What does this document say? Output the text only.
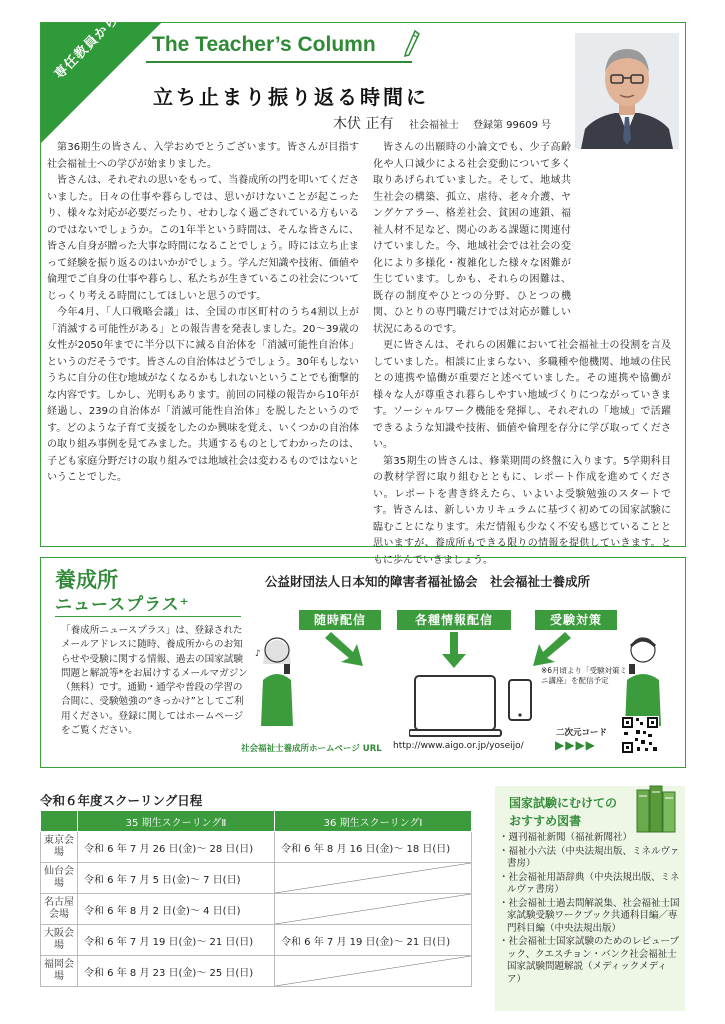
専任教員から The Teacher’s Column
立ち止まり振り返る時間に
木伏 正有 社会福祉士 登録第 99609 号

第36期生の皆さん、入学おめでとうございます。皆さんが目指す社会福祉士への学びが始まりました。

皆さんは、それぞれの思いをもって、当養成所の門を叩いてくださいました。日々の仕事や暮らしでは、思いがけないことが起こったり、様々な対応が必要だったり、せわしなく過ごされている方もいるのではないでしょうか。この1年半という時間は、そんな皆さんに、皆さん自身が贈った大事な時間になることでしょう。時には立ち止まって経験を振り返るのはいかがでしょう。学んだ知識や技術、価値や倫理でご自身の仕事や暮らし、私たちが生きているこの社会についてじっくり考える時間にしてほしいと思うのです。

今年4月、「人口戦略会議」は、全国の市区町村のうち4割以上が「消滅する可能性がある」との報告書を発表しました。20～39歳の女性が2050年までに半分以下に減る自治体を「消滅可能性自治体」というのだそうです。皆さんの自治体はどうでしょう。30年もしないうちに自分の住む地域がなくなるかもしれないということでも衝撃的な内容です。しかし、光明もあります。前回の同様の報告から10年が経過し、239の自治体が「消滅可能性自治体」を脱したというのです。どのような子育て支援をしたのか興味を覚え、いくつかの自治体の取り組み事例を見てみました。共通するものとしてわかったのは、子ども家庭分野だけの取り組みでは地域社会は変わるものではないということでした。

皆さんの出願時の小論文でも、少子高齢化や人口減少による社会変動について多く取りあげられていました。そして、地域共生社会の構築、孤立、虐待、老々介護、ヤングケアラー、格差社会、貧困の連鎖、福祉人材不足など、関心のある課題に関連付けていました。今、地域社会では社会の変化により多様化・複雑化した様々な困難が生じています。しかも、それらの困難は、既存の制度やひとつの分野、ひとつの機関、ひとりの専門職だけでは対応が難しい状況にあるのです。

更に皆さんは、それらの困難において社会福祉士の役割を言及していました。相談に止まらない、多職種や他機関、地域の住民との連携や協働が重要だと述べていました。その連携や協働が様々な人が尊重され暮らしやすい地域づくりにつながっていきます。ソーシャルワーク機能を発揮し、それぞれの「地域」で活躍できるような知識や技術、価値や倫理を存分に学び取ってください。

第35期生の皆さんは、修業期間の終盤に入ります。5学期科目の教材学習に取り組むとともに、レポート作成を進めてください。レポートを書き終えたら、いよいよ受験勉強のスタートです。皆さんは、新しいカリキュラムに基づく初めての国家試験に臨むことになります。未だ情報も少なく不安も感じていることと思いますが、養成所もできる限りの情報を提供していきます。ともに歩んでいきましょう。

養成所
ニュースプラス⁺
「養成所ニュースプラス」は、登録されたメールアドレスに随時、養成所からのお知らせや受験に関する情報、過去の国家試験問題と解説等*をお届けするメールマガジン（無料）です。通勤・通学や普段の学習の合間に、受験勉強の“きっかけ”としてご利用ください。登録に関してはホームページをご覧ください。
公益財団法人日本知的障害者福祉協会　社会福祉士養成所
随時配信	各種情報配信	受験対策
♪
※6月頃より「受験対策ミニ講座」を配信予定
社会福祉士養成所ホームページ URL http://www.aigo.or.jp/yoseijo/
二次元コード
▶▶▶▶
令和６年度スクーリング日程
	35 期生スクーリングⅡ	36 期生スクーリングⅠ
東京会場	令和 6 年 7 月 26 日(金)～ 28 日(日)	令和 6 年 8 月 16 日(金)～ 18 日(日)
仙台会場	令和 6 年 7 月 5 日(金)～ 7 日(日)	

名古屋会場	令和 6 年 8 月 2 日(金)～ 4 日(日)	

大阪会場	令和 6 年 7 月 19 日(金)～ 21 日(日)	令和 6 年 7 月 19 日(金)～ 21 日(日)
福岡会場	令和 6 年 8 月 23 日(金)～ 25 日(日)	
国家試験にむけての
おすすめ図書
・週刊福祉新聞（福祉新聞社）
・福祉小六法（中央法規出版、ミネルヴァ書房）
・社会福祉用語辞典（中央法規出版、ミネルヴァ書房）
・社会福祉士過去問解説集、社会福祉士国家試験受験ワークブック共通科目編／専門科目編（中央法規出版）
・社会福祉士国家試験のためのレビューブック、クエスチョン・バンク社会福祉士国家試験問題解説（メディックメディア）
